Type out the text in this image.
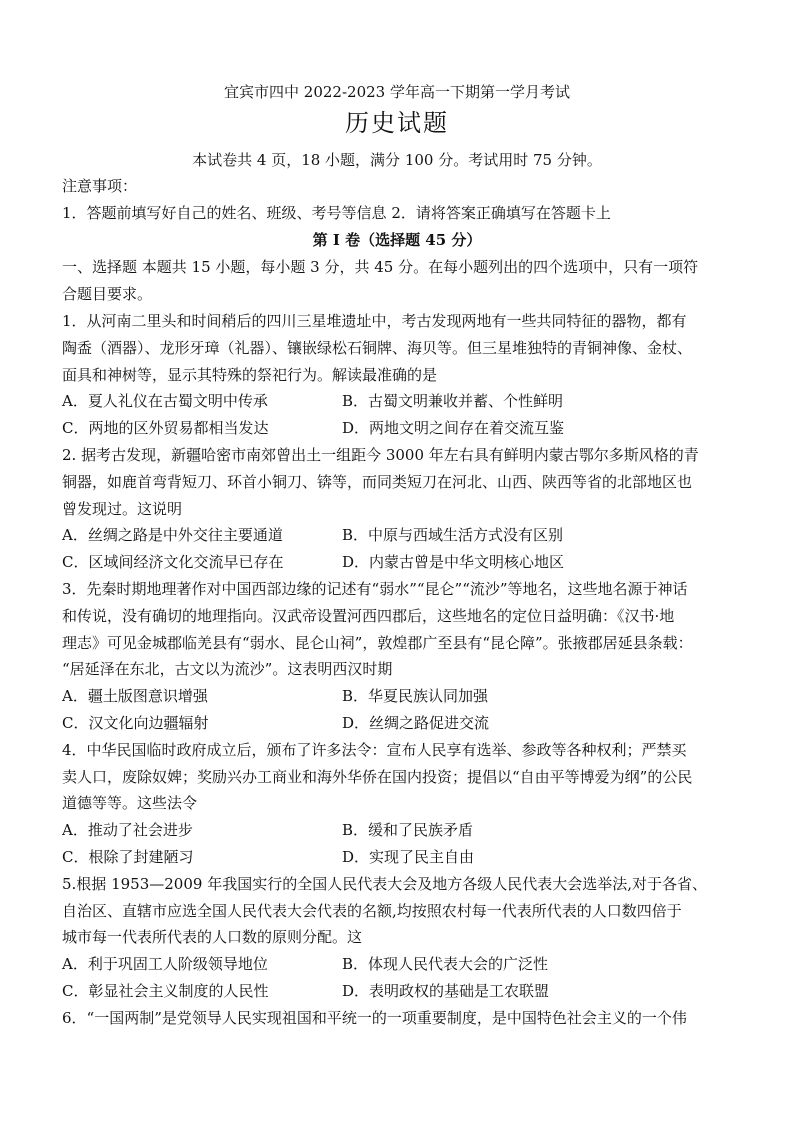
宜宾市四中 2022-2023 学年高一下期第一学月考试
历史试题
本试卷共 4 页，18 小题，满分 100 分。考试用时 75 分钟。
注意事项：
1．答题前填写好自己的姓名、班级、考号等信息 2．请将答案正确填写在答题卡上
第 I 卷（选择题 45 分）
一、选择题 本题共 15 小题，每小题 3 分，共 45 分。在每小题列出的四个选项中，只有一项符
合题目要求。
1．从河南二里头和时间稍后的四川三星堆遗址中，考古发现两地有一些共同特征的器物，都有
陶盉（酒器）、龙形牙璋（礼器）、镶嵌绿松石铜牌、海贝等。但三星堆独特的青铜神像、金杖、
面具和神树等，显示其特殊的祭祀行为。解读最准确的是
A．夏人礼仪在古蜀文明中传承	B．古蜀文明兼收并蓄、个性鲜明
C．两地的区外贸易都相当发达	D．两地文明之间存在着交流互鉴
2. 据考古发现，新疆哈密市南郊曾出土一组距今 3000 年左右具有鲜明内蒙古鄂尔多斯风格的青
铜器，如鹿首弯背短刀、环首小铜刀、锛等，而同类短刀在河北、山西、陕西等省的北部地区也
曾发现过。这说明
A．丝绸之路是中外交往主要通道	B．中原与西域生活方式没有区别
C．区域间经济文化交流早已存在	D．内蒙古曾是中华文明核心地区
3．先秦时期地理著作对中国西部边缘的记述有“弱水”“昆仑”“流沙”等地名，这些地名源于神话
和传说，没有确切的地理指向。汉武帝设置河西四郡后，这些地名的定位日益明确：《汉书·地
理志》可见金城郡临羌县有“弱水、昆仑山祠”，敦煌郡广至县有“昆仑障”。张掖郡居延县条载：
“居延泽在东北，古文以为流沙”。这表明西汉时期
A．疆土版图意识增强	B．华夏民族认同加强
C．汉文化向边疆辐射	D．丝绸之路促进交流
4．中华民国临时政府成立后，颁布了许多法令：宣布人民享有选举、参政等各种权利；严禁买
卖人口，废除奴婢；奖励兴办工商业和海外华侨在国内投资；提倡以“自由平等博爱为纲”的公民
道德等等。这些法令
A．推动了社会进步	B．缓和了民族矛盾
C．根除了封建陋习	D．实现了民主自由
5.根据 1953—2009 年我国实行的全国人民代表大会及地方各级人民代表大会选举法,对于各省、
自治区、直辖市应选全国人民代表大会代表的名额,均按照农村每一代表所代表的人口数四倍于
城市每一代表所代表的人口数的原则分配。这
A．利于巩固工人阶级领导地位	B．体现人民代表大会的广泛性
C．彰显社会主义制度的人民性	D．表明政权的基础是工农联盟
6．“一国两制”是党领导人民实现祖国和平统一的一项重要制度，是中国特色社会主义的一个伟
